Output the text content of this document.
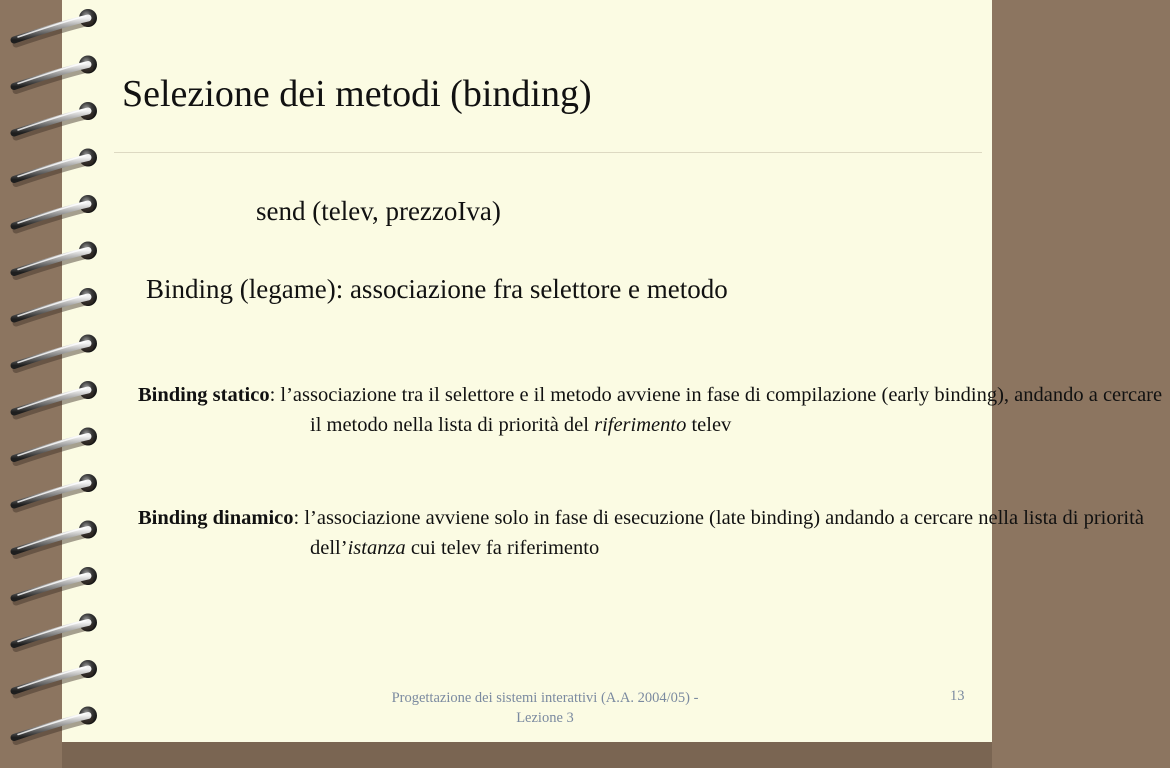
Selezione dei metodi (binding)
send (telev, prezzoIva)
Binding (legame): associazione fra selettore e metodo

Binding statico: l’associazione tra il selettore e il metodo avviene in fase di compilazione (early binding), andando a cercare il metodo nella lista di priorità del riferimento telev

Binding dinamico: l’associazione avviene solo in fase di esecuzione (late binding) andando a cercare nella lista di priorità dell’istanza cui telev fa riferimento

Progettazione dei sistemi interattivi (A.A. 2004/05) - Lezione 3
13
